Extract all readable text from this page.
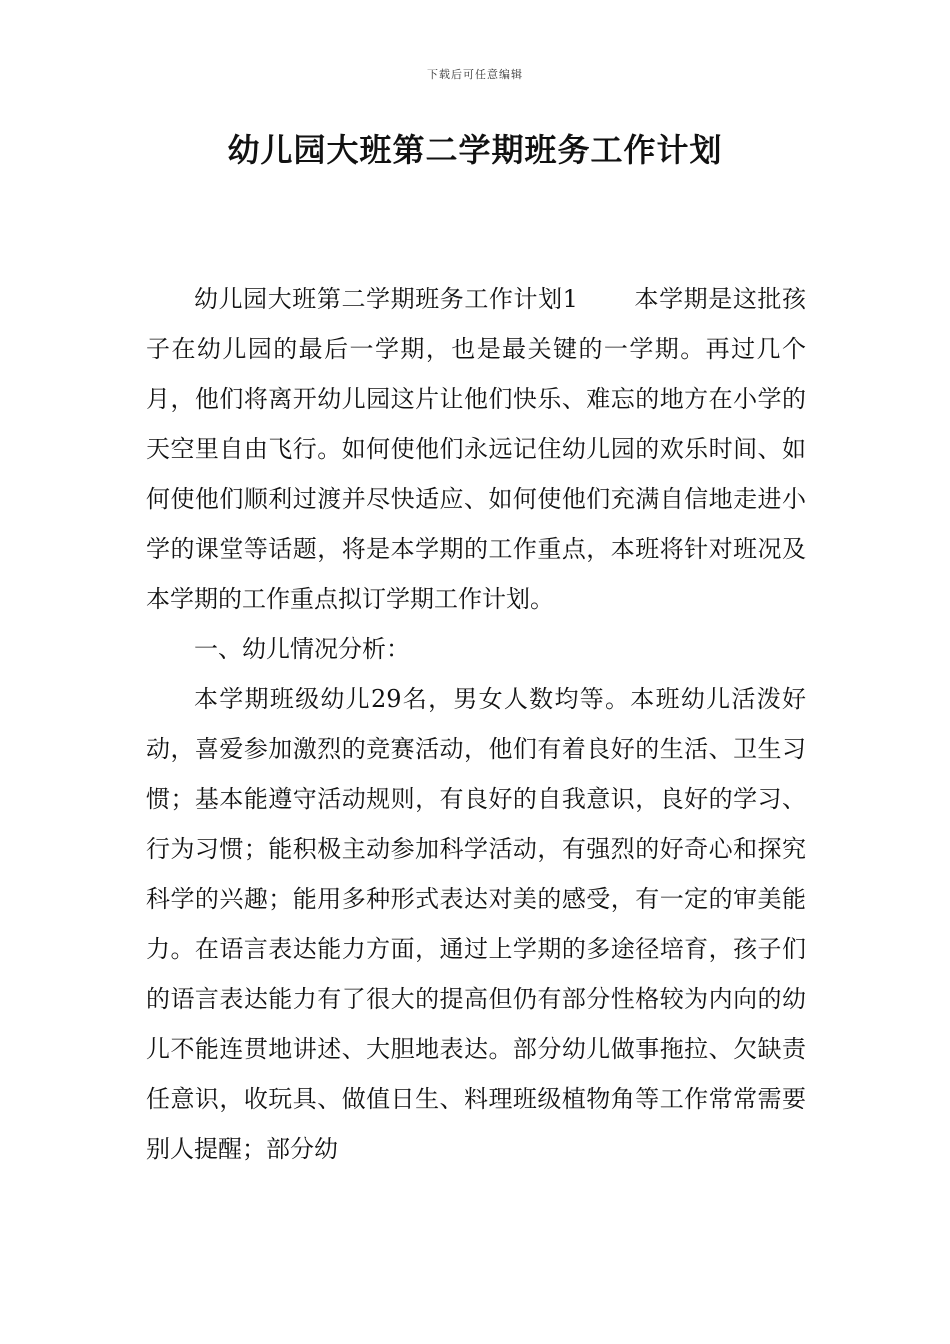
下载后可任意编辑
幼儿园大班第二学期班务工作计划

幼儿园大班第二学期班务工作计划1 本学期是这批孩子在幼儿园的最后一学期，也是最关键的一学期。再过几个月，他们将离开幼儿园这片让他们快乐、难忘的地方在小学的天空里自由飞行。如何使他们永远记住幼儿园的欢乐时间、如何使他们顺利过渡并尽快适应、如何使他们充满自信地走进小学的课堂等话题，将是本学期的工作重点，本班将针对班况及本学期的工作重点拟订学期工作计划。

一、幼儿情况分析：

本学期班级幼儿29名，男女人数均等。本班幼儿活泼好动，喜爱参加激烈的竞赛活动，他们有着良好的生活、卫生习惯；基本能遵守活动规则，有良好的自我意识，良好的学习、行为习惯；能积极主动参加科学活动，有强烈的好奇心和探究科学的兴趣；能用多种形式表达对美的感受，有一定的审美能力。在语言表达能力方面，通过上学期的多途径培育，孩子们的语言表达能力有了很大的提高但仍有部分性格较为内向的幼儿不能连贯地讲述、大胆地表达。部分幼儿做事拖拉、欠缺责任意识，收玩具、做值日生、料理班级植物角等工作常常需要别人提醒；部分幼
